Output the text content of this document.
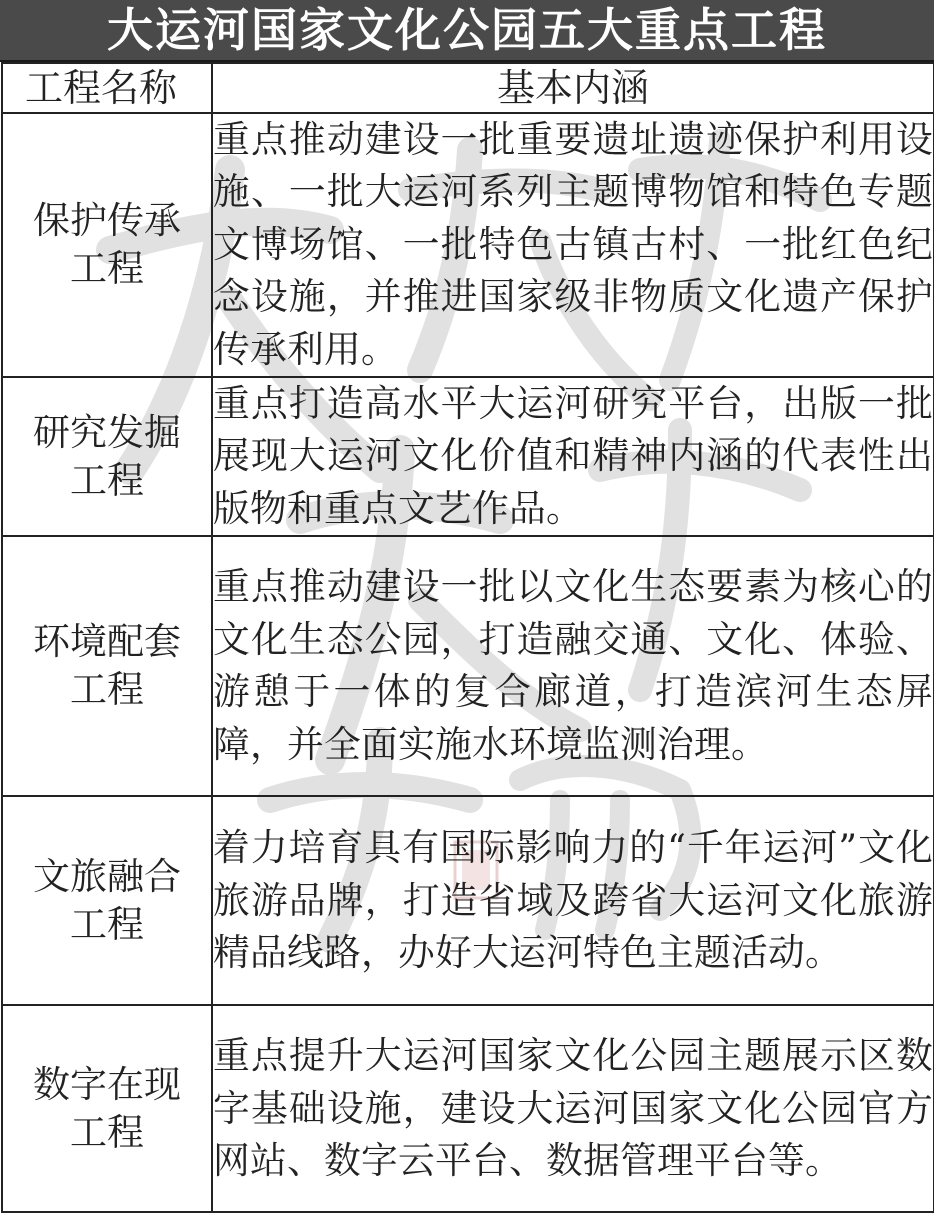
大运河国家文化公园五大重点工程
工程名称	基本内涵
保护传承工程	重点推动建设一批重要遗址遗迹保护利用设施、一批大运河系列主题博物馆和特色专题文博场馆、一批特色古镇古村、一批红色纪念设施，并推进国家级非物质文化遗产保护传承利用。
研究发掘工程	重点打造高水平大运河研究平台，出版一批展现大运河文化价值和精神内涵的代表性出版物和重点文艺作品。
环境配套工程	重点推动建设一批以文化生态要素为核心的文化生态公园，打造融交通、文化、体验、游憩于一体的复合廊道，打造滨河生态屏障，并全面实施水环境监测治理。
文旅融合工程	着力培育具有国际影响力的“千年运河”文化旅游品牌，打造省域及跨省大运河文化旅游精品线路，办好大运河特色主题活动。
数字在现工程	重点提升大运河国家文化公园主题展示区数字基础设施，建设大运河国家文化公园官方网站、数字云平台、数据管理平台等。
